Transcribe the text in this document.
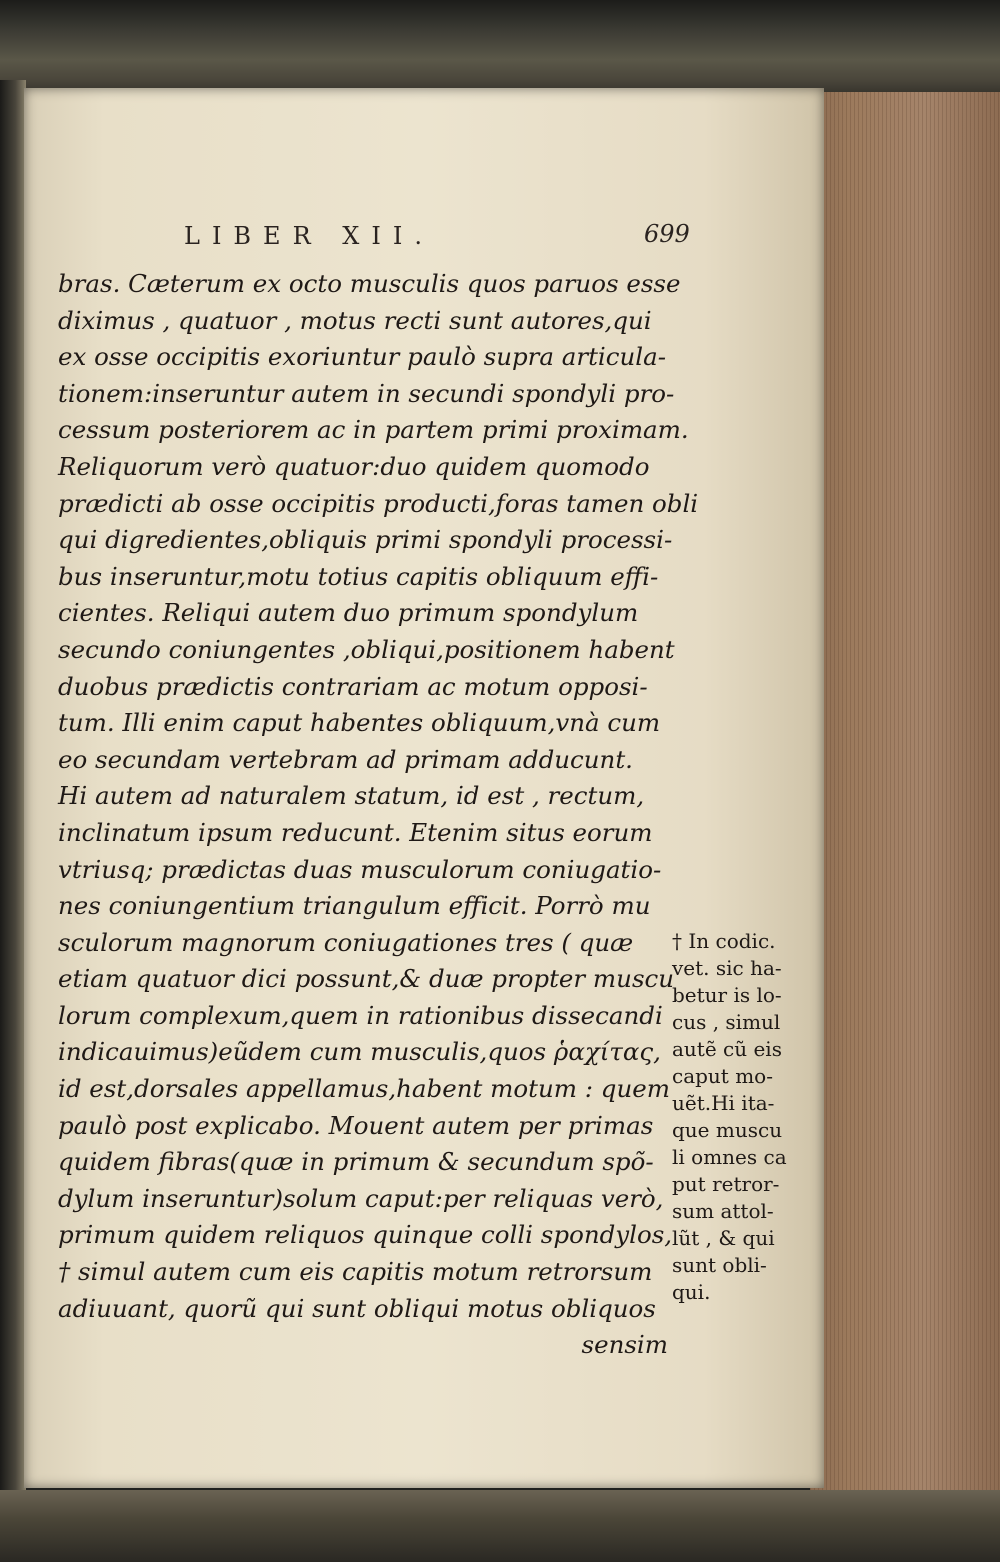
LIBER XII.	699
bras. Cæterum ex octo musculis quos paruos esse
diximus , quatuor , motus recti sunt autores,qui
ex osse occipitis exoriuntur paulò supra articula-
tionem:inseruntur autem in secundi spondyli pro-
cessum posteriorem ac in partem primi proximam.
Reliquorum verò quatuor:duo quidem quomodo
prædicti ab osse occipitis producti,foras tamen obli
qui digredientes,obliquis primi spondyli processi-
bus inseruntur,motu totius capitis obliquum effi-
cientes. Reliqui autem duo primum spondylum
secundo coniungentes ,obliqui,positionem habent
duobus prædictis contrariam ac motum opposi-
tum. Illi enim caput habentes obliquum,vnà cum
eo secundam vertebram ad primam adducunt.
Hi autem ad naturalem statum, id est , rectum,
inclinatum ipsum reducunt. Etenim situs eorum
vtriusq; prædictas duas musculorum coniugatio-
nes coniungentium triangulum efficit. Porrò mu
sculorum magnorum coniugationes tres ( quæ
etiam quatuor dici possunt,& duæ propter muscu
lorum complexum,quem in rationibus dissecandi
indicauimus)eũdem cum musculis,quos ῥαχίτας,
id est,dorsales appellamus,habent motum : quem
paulò post explicabo. Mouent autem per primas
quidem fibras(quæ in primum & secundum spõ-
dylum inseruntur)solum caput:per reliquas verò,
primum quidem reliquos quinque colli spondylos,
† simul autem cum eis capitis motum retrorsum
adiuuant, quorũ qui sunt obliqui motus obliquos
sensim
† In codic.
vet. sic ha-
betur is lo-
cus , simul
autẽ cũ eis
caput mo-
uẽt.Hi ita-
que muscu
li omnes ca
put retror-
sum attol-
lũt , & qui
sunt obli-
qui.
